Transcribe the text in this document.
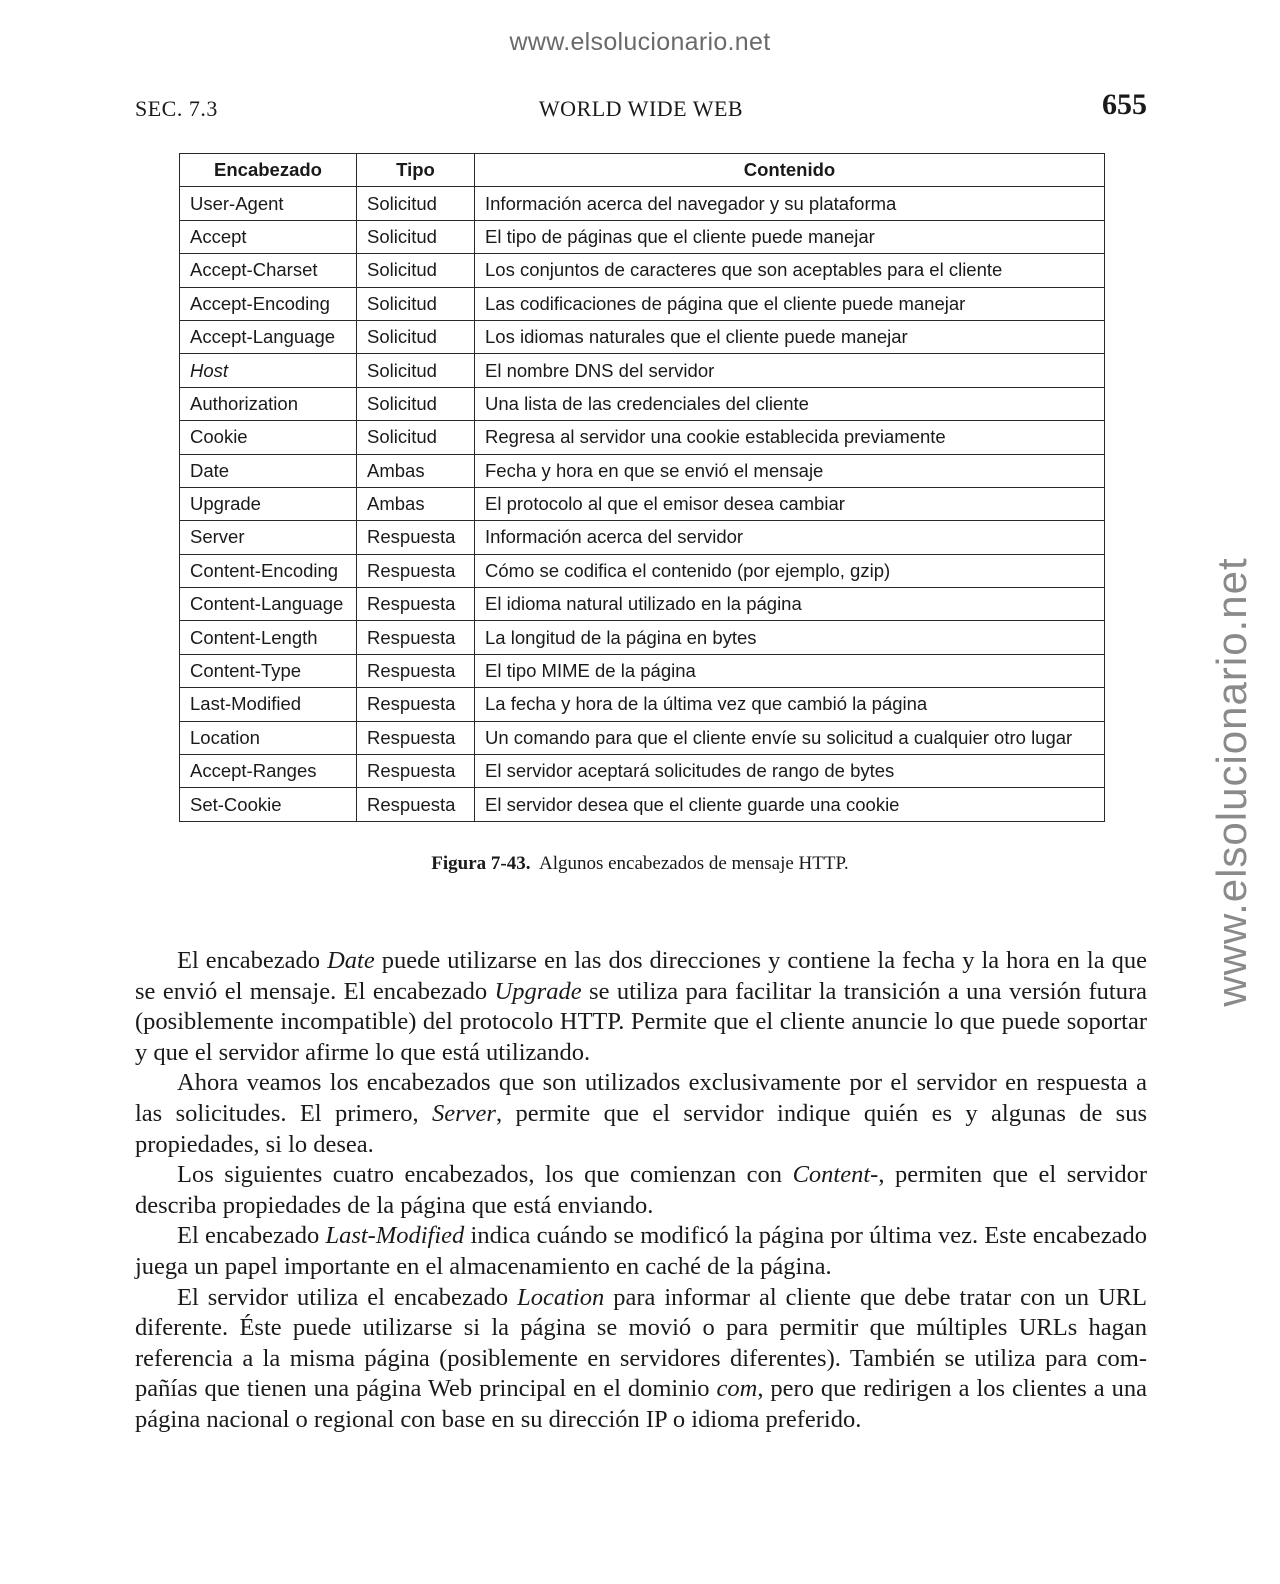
www.elsolucionario.net
www.elsolucionario.net
SEC. 7.3	WORLD WIDE WEB	655
Encabezado	Tipo	Contenido
User-Agent	Solicitud	Información acerca del navegador y su plataforma
Accept	Solicitud	El tipo de páginas que el cliente puede manejar
Accept-Charset	Solicitud	Los conjuntos de caracteres que son aceptables para el cliente
Accept-Encoding	Solicitud	Las codificaciones de página que el cliente puede manejar
Accept-Language	Solicitud	Los idiomas naturales que el cliente puede manejar
Host	Solicitud	El nombre DNS del servidor
Authorization	Solicitud	Una lista de las credenciales del cliente
Cookie	Solicitud	Regresa al servidor una cookie establecida previamente
Date	Ambas	Fecha y hora en que se envió el mensaje
Upgrade	Ambas	El protocolo al que el emisor desea cambiar
Server	Respuesta	Información acerca del servidor
Content-Encoding	Respuesta	Cómo se codifica el contenido (por ejemplo, gzip)
Content-Language	Respuesta	El idioma natural utilizado en la página
Content-Length	Respuesta	La longitud de la página en bytes
Content-Type	Respuesta	El tipo MIME de la página
Last-Modified	Respuesta	La fecha y hora de la última vez que cambió la página
Location	Respuesta	Un comando para que el cliente envíe su solicitud a cualquier otro lugar
Accept-Ranges	Respuesta	El servidor aceptará solicitudes de rango de bytes
Set-Cookie	Respuesta	El servidor desea que el cliente guarde una cookie
Figura 7-43. Algunos encabezados de mensaje HTTP.

El encabezado Date puede utilizarse en las dos direcciones y contiene la fecha y la hora en la que se envió el mensaje. El encabezado Upgrade se utiliza para facilitar la transición a una versión futura (posiblemente incompatible) del protocolo HTTP. Permite que el cliente anuncie lo que puede soportar y que el servidor afirme lo que está utilizando.

Ahora veamos los encabezados que son utilizados exclusivamente por el servidor en respuesta a las solicitudes. El primero, Server, permite que el servidor indique quién es y algunas de sus propiedades, si lo desea.

Los siguientes cuatro encabezados, los que comienzan con Content-, permiten que el servidor describa propiedades de la página que está enviando.

El encabezado Last-Modified indica cuándo se modificó la página por última vez. Este encabezado juega un papel importante en el almacenamiento en caché de la página.

El servidor utiliza el encabezado Location para informar al cliente que debe tratar con un URL diferente. Éste puede utilizarse si la página se movió o para permitir que múltiples URLs hagan referencia a la misma página (posiblemente en servidores diferentes). También se utiliza para compañías que tienen una página Web principal en el dominio com, pero que redirigen a los clientes a una página nacional o regional con base en su dirección IP o idioma preferido.
